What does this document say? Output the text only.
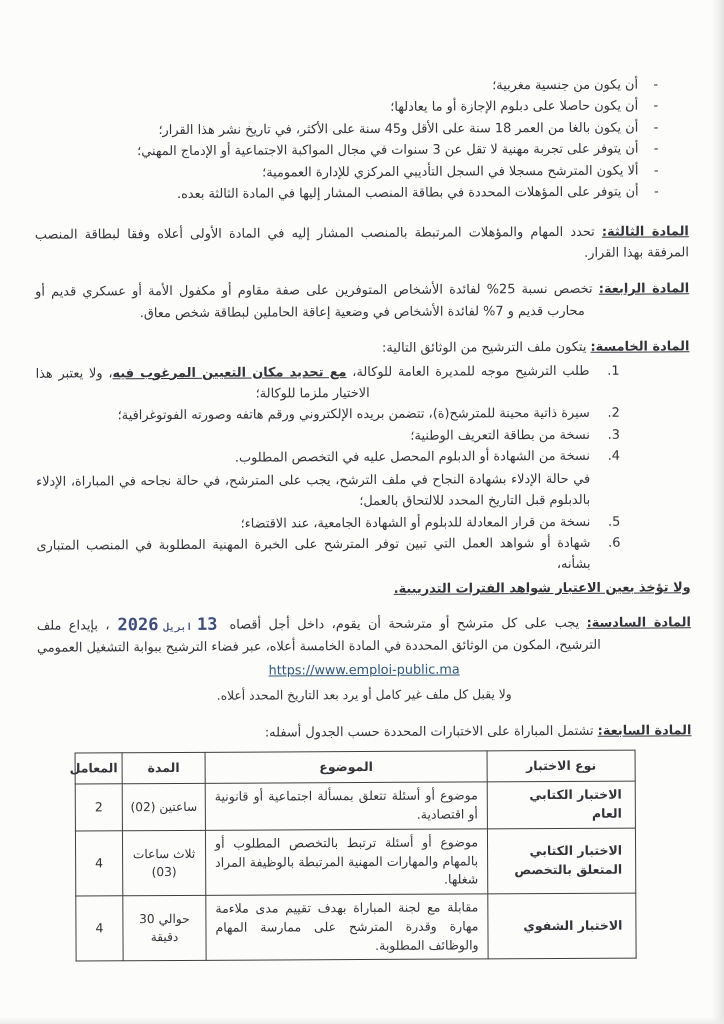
-
أن يكون من جنسية مغربية؛
-
أن يكون حاصلا على دبلوم الإجازة أو ما يعادلها؛
-
أن يكون بالغا من العمر 18 سنة على الأقل و45 سنة على الأكثر، في تاريخ نشر هذا القرار؛
-
أن يتوفر على تجربة مهنية لا تقل عن 3 سنوات في مجال المواكبة الاجتماعية أو الإدماج المهني؛
-
ألا يكون المترشح مسجلا في السجل التأديبي المركزي للإدارة العمومية؛
-
أن يتوفر على المؤهلات المحددة في بطاقة المنصب المشار إليها في المادة الثالثة بعده.
المادة الثالثة: تحدد المهام والمؤهلات المرتبطة بالمنصب المشار إليه في المادة الأولى أعلاه وفقا لبطاقة المنصب المرفقة بهذا القرار.
المادة الرابعة: تخصص نسبة 25% لفائدة الأشخاص المتوفرين على صفة مقاوم أو مكفول الأمة أو عسكري قديم أو محارب قديم و 7% لفائدة الأشخاص في وضعية إعاقة الحاملين لبطاقة شخص معاق.
المادة الخامسة: يتكون ملف الترشيح من الوثائق التالية:
1.
طلب الترشيح موجه للمديرة العامة للوكالة، مع تحديد مكان التعيين المرغوب فيه، ولا يعتبر هذا الاختيار ملزما للوكالة؛
2.
سيرة ذاتية محينة للمترشح(ة)، تتضمن بريده الإلكتروني ورقم هاتفه وصورته الفوتوغرافية؛
3.
نسخة من بطاقة التعريف الوطنية؛
4.
نسخة من الشهادة أو الدبلوم المحصل عليه في التخصص المطلوب.
في حالة الإدلاء بشهادة النجاح في ملف الترشح، يجب على المترشح، في حالة نجاحه في المباراة، الإدلاء بالدبلوم قبل التاريخ المحدد للالتحاق بالعمل؛
5.
نسخة من قرار المعادلة للدبلوم أو الشهادة الجامعية، عند الاقتضاء؛
6.
شهادة أو شواهد العمل التي تبين توفر المترشح على الخبرة المهنية المطلوبة في المنصب المتبارى بشأنه،
ولا تؤخذ بعين الاعتبار شواهد الفترات التدريبية.
المادة السادسة: يجب على كل مترشح أو مترشحة أن يقوم، داخل أجل أقصاه13ابريل2026، بإيداع ملف الترشيح، المكون من الوثائق المحددة في المادة الخامسة أعلاه، عبر فضاء الترشيح ببوابة التشغيل العمومي
https://www.emploi-public.ma
ولا يقبل كل ملف غير كامل أو يرد بعد التاريخ المحدد أعلاه.
المادة السابعة: تشتمل المباراة على الاختبارات المحددة حسب الجدول أسفله:
نوع الاختبار	الموضوع	المدة	المعامل
الاختبار الكتابي العام	موضوع أو أسئلة تتعلق بمسألة اجتماعية أو قانونية أو اقتصادية.	ساعتين (02)	2
الاختبار الكتابي المتعلق بالتخصص	موضوع أو أسئلة ترتبط بالتخصص المطلوب أو بالمهام والمهارات المهنية المرتبطة بالوظيفة المراد شغلها.	ثلاث ساعات (03)	4
الاختبار الشفوي	مقابلة مع لجنة المباراة بهدف تقييم مدى ملاءمة مهارة وقدرة المترشح على ممارسة المهام والوظائف المطلوبة.	حوالي 30 دقيقة	4
